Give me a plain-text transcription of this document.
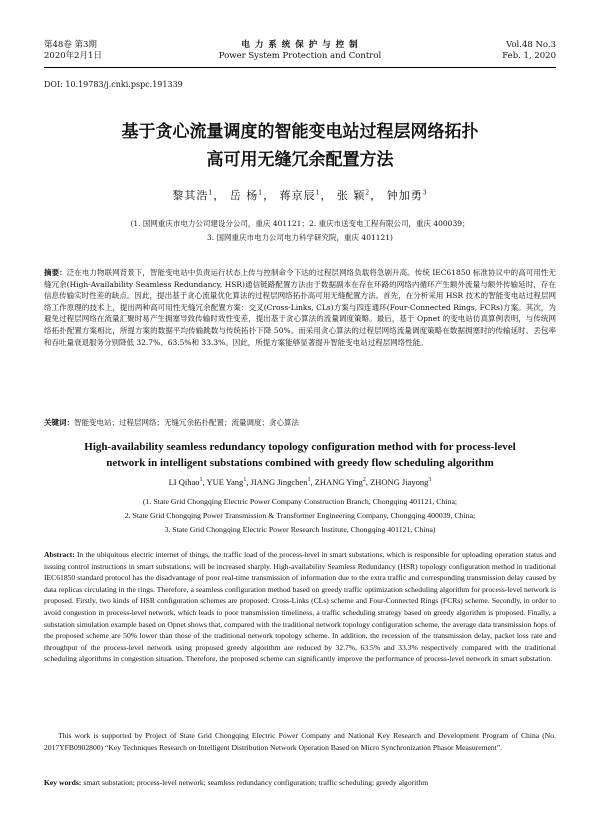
第48卷 第3期
2020年2月1日
电 力 系 统 保 护 与 控 制
Power System Protection and Control
Vol.48 No.3
Feb. 1, 2020
DOI: 10.19783/j.cnki.pspc.191339
基于贪心流量调度的智能变电站过程层网络拓扑
高可用无缝冗余配置方法
黎其浩$^1$， 岳 杨$^1$， 蒋京辰$^1$， 张 颖$^2$， 钟加勇$^3$
(1. 国网重庆市电力公司建设分公司，重庆 401121；2. 重庆市送变电工程有限公司，重庆 400039；
3. 国网重庆市电力公司电力科学研究院，重庆 401121)
摘要：泛在电力物联网背景下，智能变电站中负责运行状态上传与控制命令下达的过程层网络负载将急剧升高。传统 IEC61850 标准协议中的高可用性无缝冗余(High-Availability Seamless Redundancy, HSR)通信链路配置方法由于数据副本在存在环路的网络内循环产生额外流量与额外传输延时，存在信息传输实时性差的缺点。因此，提出基于贪心流量优化算法的过程层网络拓扑高可用无缝配置方法。首先，在分析采用 HSR 技术的智能变电站过程层网络工作原理的技术上，提出两种高可用性无缝冗余配置方案：交叉(Cross-Links, CLs)方案与四连通环(Four-Connected Rings, FCRs)方案。其次，为避免过程层网络在流量汇聚时易产生拥塞导致传输时效性变差，提出基于贪心算法的流量调度策略。最后，基于 Opnet 的变电站仿真算例表明，与传统网络拓扑配置方案相比，所提方案的数据平均传输跳数与传统拓扑下降 50%。而采用贪心算法的过程层网络流量调度策略在数据拥塞时的传输延时、丢包率和吞吐量衰退服务分别降低 32.7%、63.5%和 33.3%。因此，所提方案能够显著提升智能变电站过程层网络性能。
关键词：智能变电站；过程层网络；无缝冗余拓扑配置；流量调度；贪心算法
High-availability seamless redundancy topology configuration method with for process-level
network in intelligent substations combined with greedy flow scheduling algorithm
LI Qihao$^1$, YUE Yang$^1$, JIANG Jingchen$^1$, ZHANG Ying$^2$, ZHONG Jiayong$^3$
(1. State Grid Chongqing Electric Power Company Construction Branch, Chongqing 401121, China;
2. State Grid Chongqing Power Transmission & Transformer Engineering Company, Chongqing 400039, China;
3. State Grid Chongqing Electric Power Research Institute, Chongqing 401121, China)
Abstract: In the ubiquitous electric internet of things, the traffic load of the process-level in smart substations, which is responsible for uploading operation status and issuing control instructions in smart substations, will be increased sharply. High-availability Seamless Redundancy (HSR) topology configuration method in traditional IEC61850 standard protocol has the disadvantage of poor real-time transmission of information due to the extra traffic and corresponding transmission delay caused by data replicas circulating in the rings. Therefore, a seamless configuration method based on greedy traffic optimization scheduling algorithm for process-level network is proposed. Firstly, two kinds of HSR configuration schemes are proposed: Cross-Links (CLs) scheme and Four-Connected Rings (FCRs) scheme. Secondly, in order to avoid congestion in process-level network, which leads to poor transmission timeliness, a traffic scheduling strategy based on greedy algorithm is proposed. Finally, a substation simulation example based on Opnet shows that, compared with the traditional network topology configuration scheme, the average data transmission hops of the proposed scheme are 50% lower than those of the traditional network topology scheme. In addition, the recession of the transmission delay, packet loss rate and throughput of the process-level network using proposed greedy algorithm are reduced by 32.7%, 63.5% and 33.3% respectively compared with the traditional scheduling algorithms in congestion situation. Therefore, the proposed scheme can significantly improve the performance of process-level network in smart substation.
This work is supported by Project of State Grid Chongqing Electric Power Company and National Key Research and Development Program of China (No. 2017YFB0902800) “Key Techniques Research on Intelligent Distribution Network Operation Based on Micro Synchronization Phasor Measurement”.
Key words: smart substation; process-level network; seamless redundancy configuration; traffic scheduling; greedy algorithm
